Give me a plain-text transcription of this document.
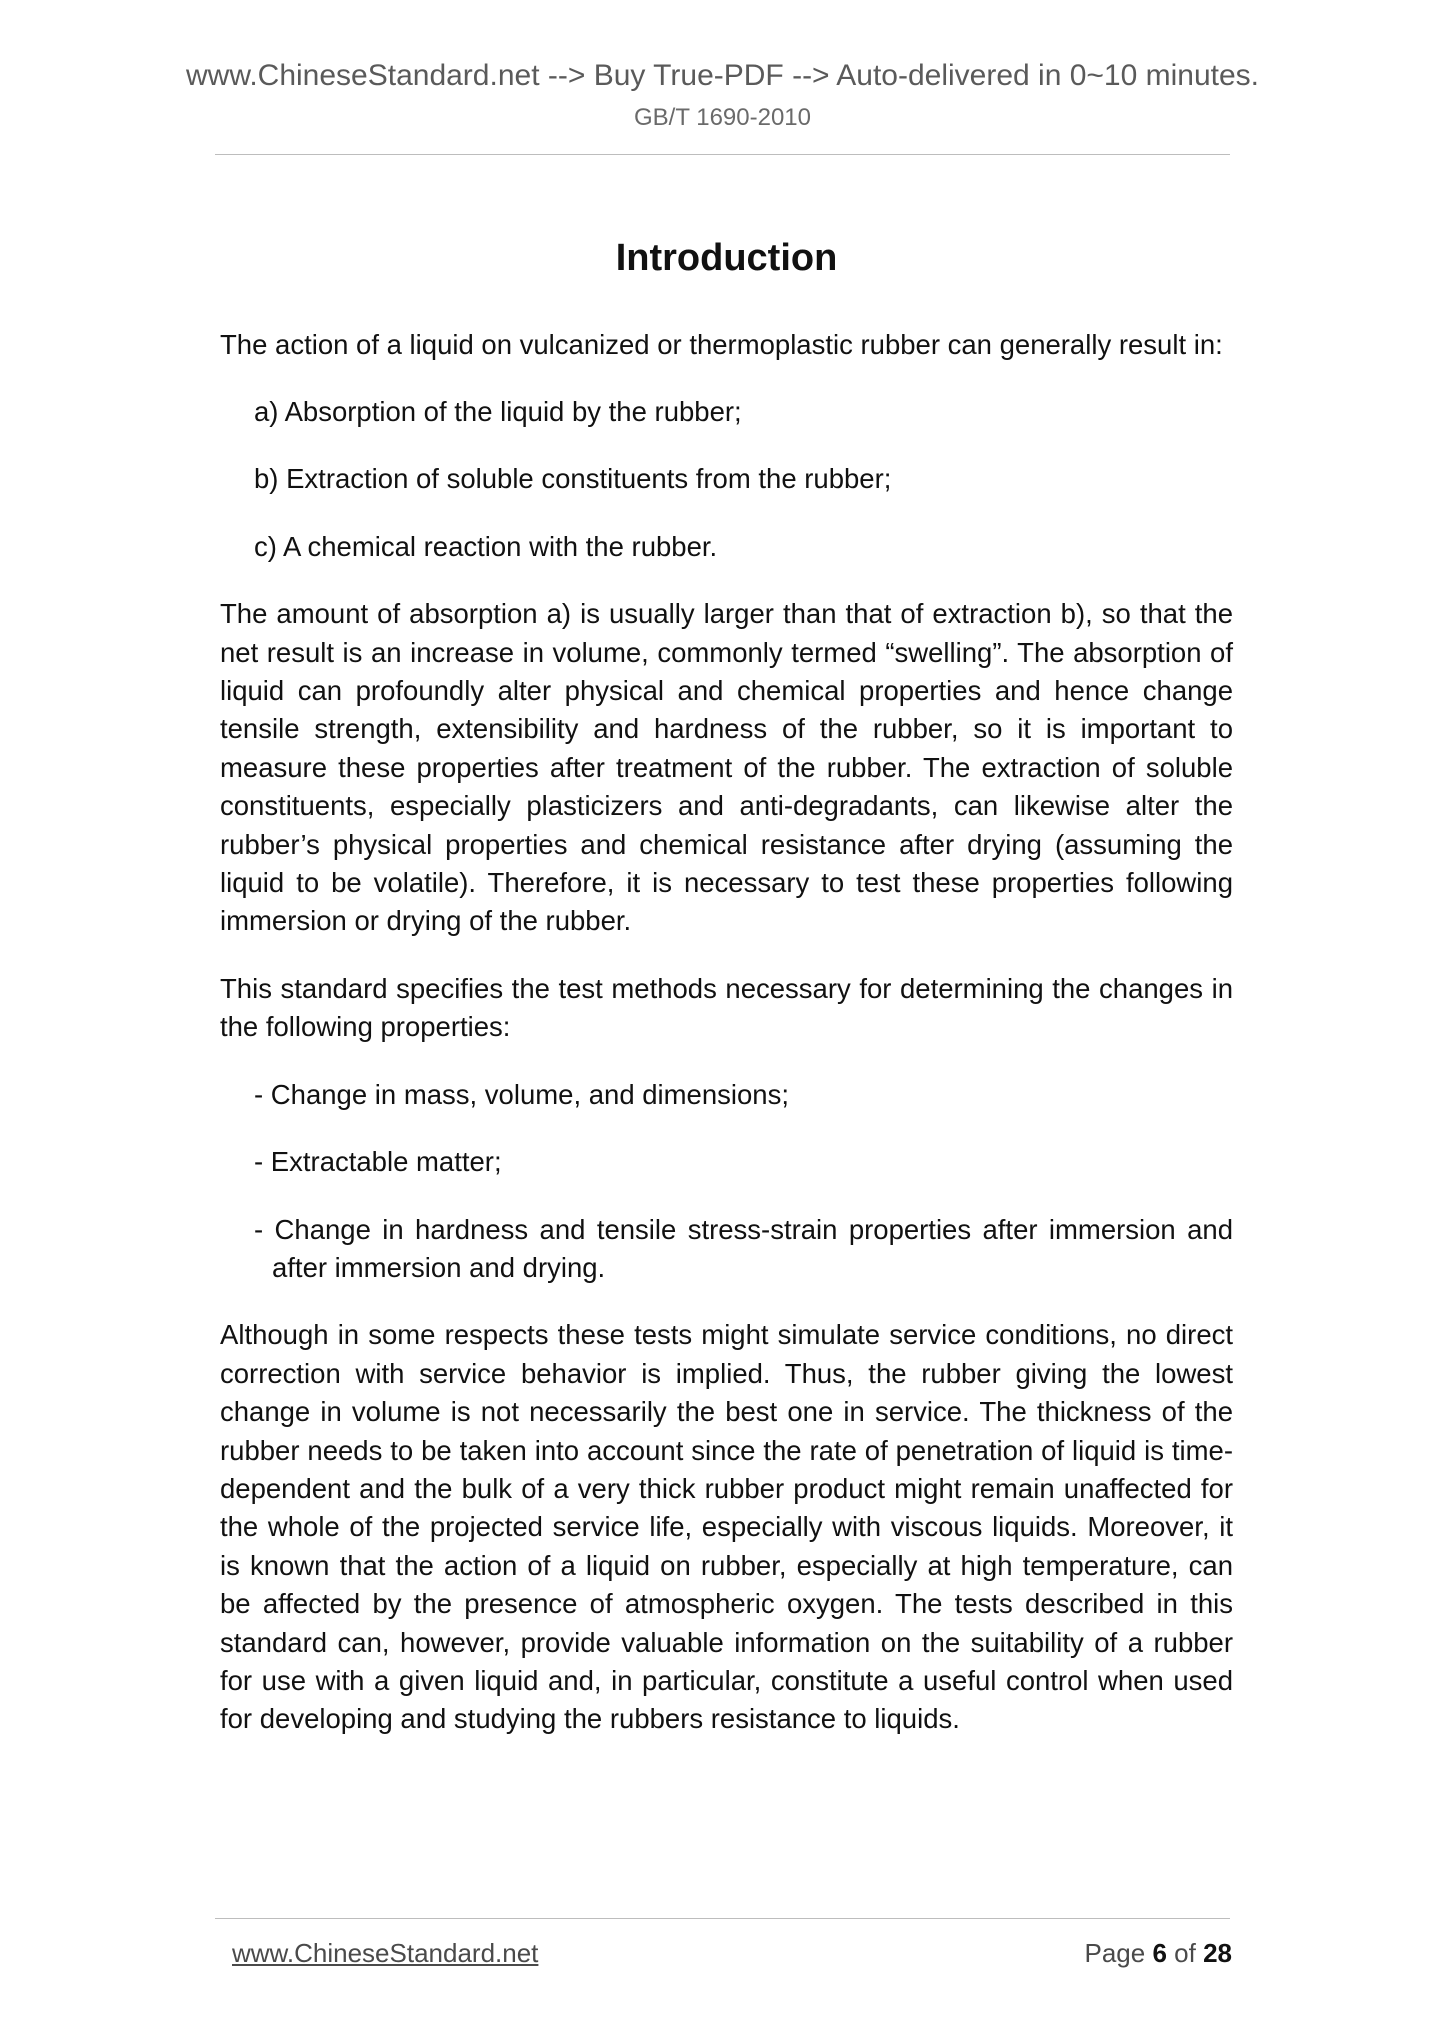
www.ChineseStandard.net --> Buy True-PDF --> Auto-delivered in 0~10 minutes.
GB/T 1690-2010
Introduction

The action of a liquid on vulcanized or thermoplastic rubber can generally result in:

a) Absorption of the liquid by the rubber;
b) Extraction of soluble constituents from the rubber;
c) A chemical reaction with the rubber.

The amount of absorption a) is usually larger than that of extraction b), so that the net result is an increase in volume, commonly termed “swelling”. The absorption of liquid can profoundly alter physical and chemical properties and hence change tensile strength, extensibility and hardness of the rubber, so it is important to measure these properties after treatment of the rubber. The extraction of soluble constituents, especially plasticizers and anti-degradants, can likewise alter the rubber’s physical properties and chemical resistance after drying (assuming the liquid to be volatile). Therefore, it is necessary to test these properties following immersion or drying of the rubber.

This standard specifies the test methods necessary for determining the changes in the following properties:

- Change in mass, volume, and dimensions;
- Extractable matter;
- Change in hardness and tensile stress-strain properties after immersion and after immersion and drying.

Although in some respects these tests might simulate service conditions, no direct correction with service behavior is implied. Thus, the rubber giving the lowest change in volume is not necessarily the best one in service. The thickness of the rubber needs to be taken into account since the rate of penetration of liquid is time-dependent and the bulk of a very thick rubber product might remain unaffected for the whole of the projected service life, especially with viscous liquids. Moreover, it is known that the action of a liquid on rubber, especially at high temperature, can be affected by the presence of atmospheric oxygen. The tests described in this standard can, however, provide valuable information on the suitability of a rubber for use with a given liquid and, in particular, constitute a useful control when used for developing and studying the rubbers resistance to liquids.

www.ChineseStandard.net	Page 6 of 28
